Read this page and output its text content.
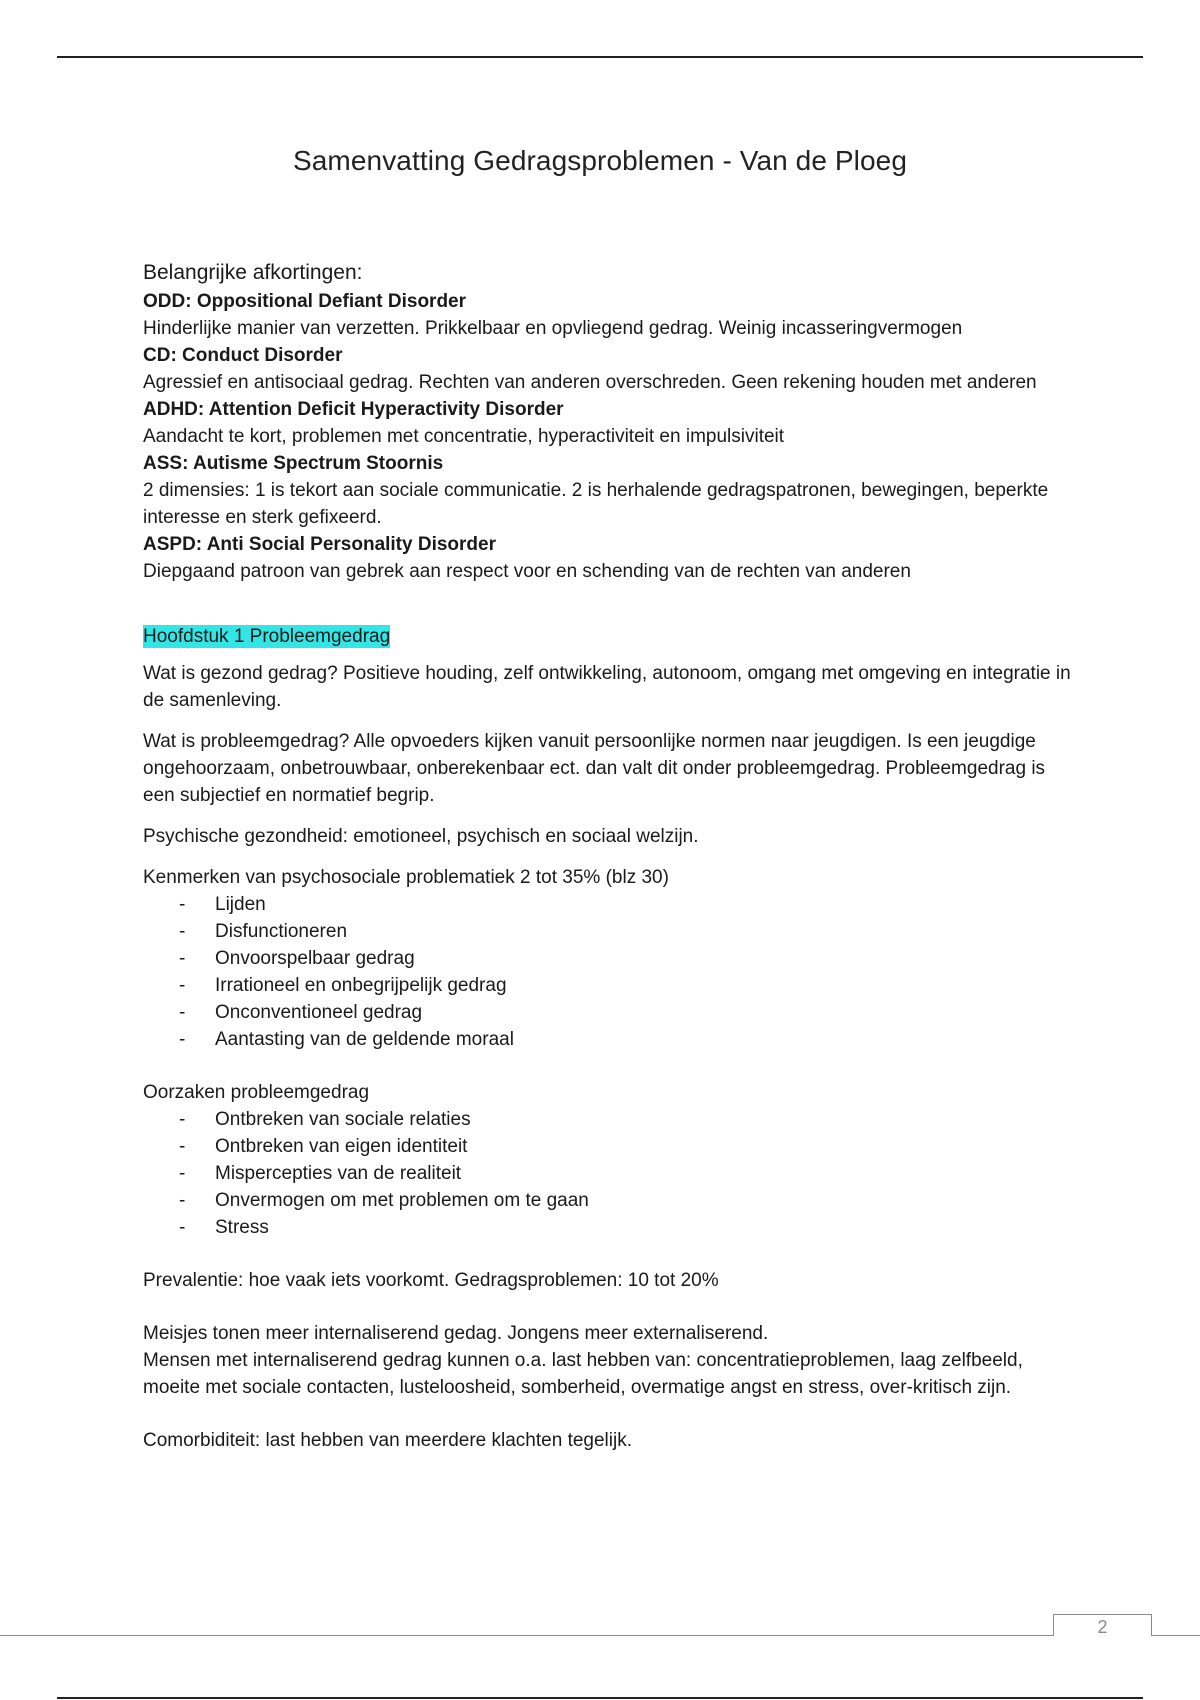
Samenvatting Gedragsproblemen - Van de Ploeg

Belangrijke afkortingen:

ODD: Oppositional Defiant Disorder

Hinderlijke manier van verzetten. Prikkelbaar en opvliegend gedrag. Weinig incasseringvermogen

CD: Conduct Disorder

Agressief en antisociaal gedrag. Rechten van anderen overschreden. Geen rekening houden met anderen

ADHD: Attention Deficit Hyperactivity Disorder

Aandacht te kort, problemen met concentratie, hyperactiviteit en impulsiviteit

ASS: Autisme Spectrum Stoornis

2 dimensies: 1 is tekort aan sociale communicatie. 2 is herhalende gedragspatronen, bewegingen, beperkte interesse en sterk gefixeerd.

ASPD: Anti Social Personality Disorder

Diepgaand patroon van gebrek aan respect voor en schending van de rechten van anderen

Hoofdstuk 1 Probleemgedrag

Wat is gezond gedrag? Positieve houding, zelf ontwikkeling, autonoom, omgang met omgeving en integratie in de samenleving.

Wat is probleemgedrag? Alle opvoeders kijken vanuit persoonlijke normen naar jeugdigen. Is een jeugdige ongehoorzaam, onbetrouwbaar, onberekenbaar ect. dan valt dit onder probleemgedrag. Probleemgedrag is een subjectief en normatief begrip.

Psychische gezondheid: emotioneel, psychisch en sociaal welzijn.

Kenmerken van psychosociale problematiek 2 tot 35% (blz 30)

- Lijden
- Disfunctioneren
- Onvoorspelbaar gedrag
- Irrationeel en onbegrijpelijk gedrag
- Onconventioneel gedrag
- Aantasting van de geldende moraal

Oorzaken probleemgedrag

- Ontbreken van sociale relaties
- Ontbreken van eigen identiteit
- Mispercepties van de realiteit
- Onvermogen om met problemen om te gaan
- Stress

Prevalentie: hoe vaak iets voorkomt. Gedragsproblemen: 10 tot 20%

Meisjes tonen meer internaliserend gedag. Jongens meer externaliserend.

Mensen met internaliserend gedrag kunnen o.a. last hebben van: concentratieproblemen, laag zelfbeeld, moeite met sociale contacten, lusteloosheid, somberheid, overmatige angst en stress, over-kritisch zijn.

Comorbiditeit: last hebben van meerdere klachten tegelijk.

2
